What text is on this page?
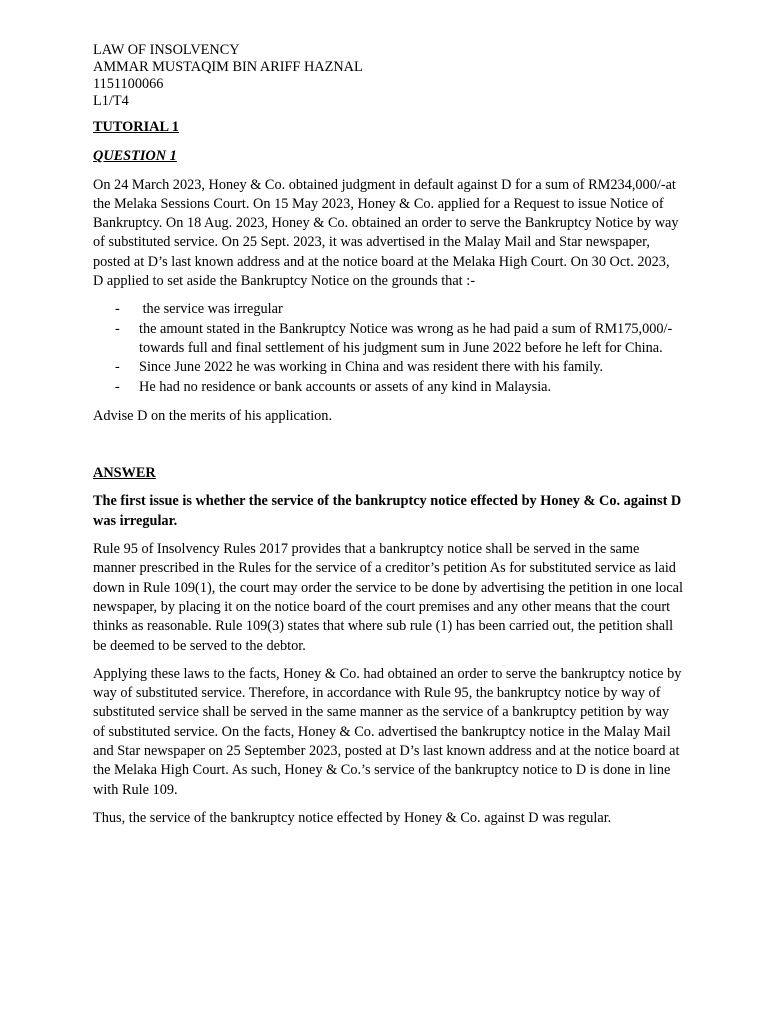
LAW OF INSOLVENCY

AMMAR MUSTAQIM BIN ARIFF HAZNAL

1151100066

L1/T4

TUTORIAL 1

QUESTION 1

On 24 March 2023, Honey & Co. obtained judgment in default against D for a sum of RM234,000/-at the Melaka Sessions Court. On 15 May 2023, Honey & Co. applied for a Request to issue Notice of Bankruptcy. On 18 Aug. 2023, Honey & Co. obtained an order to serve the Bankruptcy Notice by way of substituted service. On 25 Sept. 2023, it was advertised in the Malay Mail and Star newspaper, posted at D’s last known address and at the notice board at the Melaka High Court. On 30 Oct. 2023, D applied to set aside the Bankruptcy Notice on the grounds that :-

- the service was irregular
- the amount stated in the Bankruptcy Notice was wrong as he had paid a sum of RM175,000/- towards full and final settlement of his judgment sum in June 2022 before he left for China.
- Since June 2022 he was working in China and was resident there with his family.
- He had no residence or bank accounts or assets of any kind in Malaysia.

Advise D on the merits of his application.

ANSWER

The first issue is whether the service of the bankruptcy notice effected by Honey & Co. against D was irregular.

Rule 95 of Insolvency Rules 2017 provides that a bankruptcy notice shall be served in the same manner prescribed in the Rules for the service of a creditor’s petition As for substituted service as laid down in Rule 109(1), the court may order the service to be done by advertising the petition in one local newspaper, by placing it on the notice board of the court premises and any other means that the court thinks as reasonable. Rule 109(3) states that where sub rule (1) has been carried out, the petition shall be deemed to be served to the debtor.

Applying these laws to the facts, Honey & Co. had obtained an order to serve the bankruptcy notice by way of substituted service. Therefore, in accordance with Rule 95, the bankruptcy notice by way of substituted service shall be served in the same manner as the service of a bankruptcy petition by way of substituted service. On the facts, Honey & Co. advertised the bankruptcy notice in the Malay Mail and Star newspaper on 25 September 2023, posted at D’s last known address and at the notice board at the Melaka High Court. As such, Honey & Co.’s service of the bankruptcy notice to D is done in line with Rule 109.

Thus, the service of the bankruptcy notice effected by Honey & Co. against D was regular.
